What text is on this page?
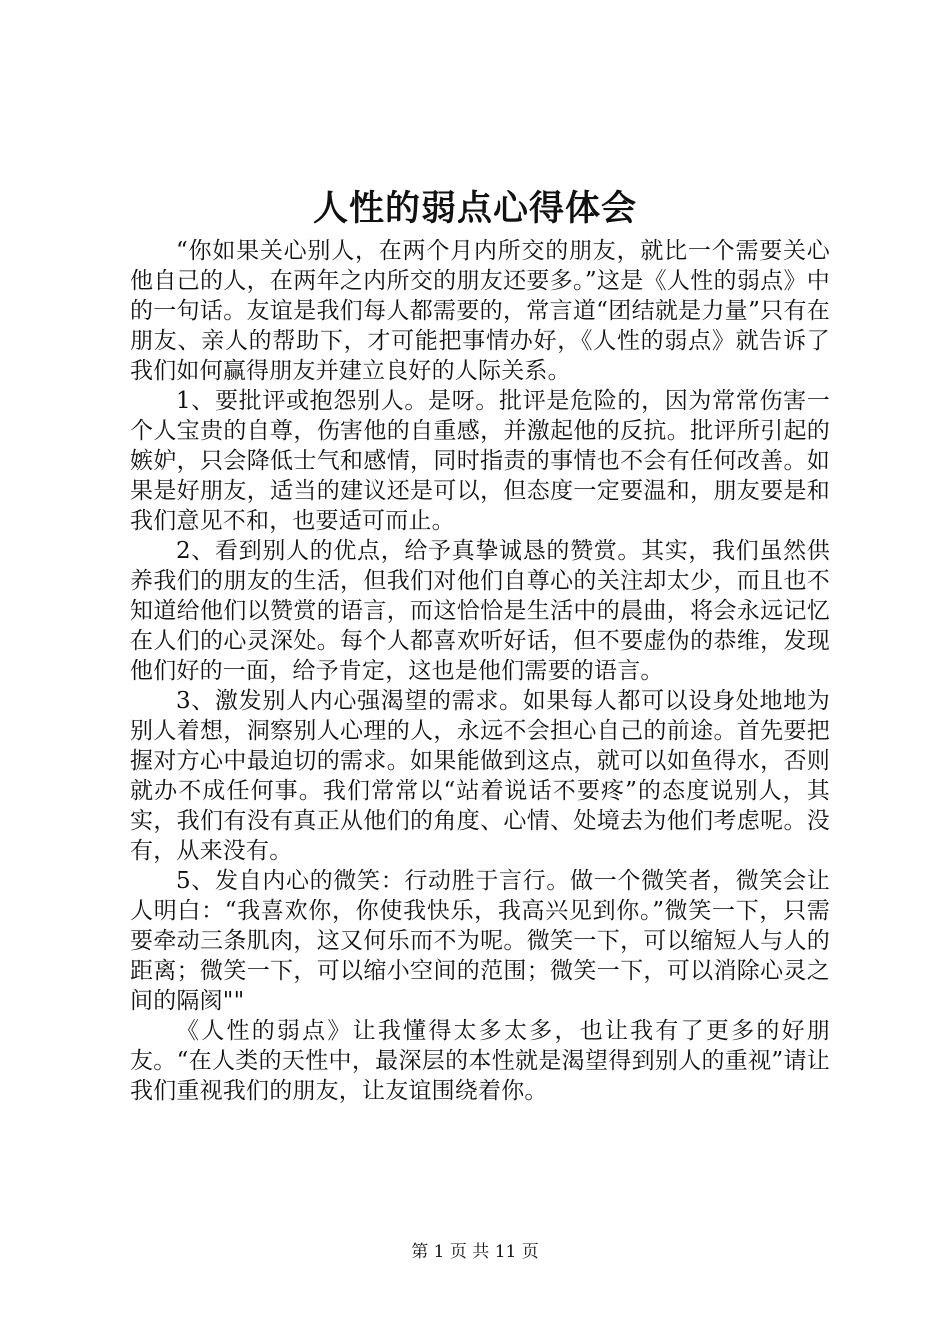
人性的弱点心得体会

“你如果关心别人，在两个月内所交的朋友，就比一个需要关心他自己的人，在两年之内所交的朋友还要多。”这是《人性的弱点》中的一句话。友谊是我们每人都需要的，常言道“团结就是力量”只有在朋友、亲人的帮助下，才可能把事情办好，《人性的弱点》就告诉了我们如何赢得朋友并建立良好的人际关系。

1、要批评或抱怨别人。是呀。批评是危险的，因为常常伤害一个人宝贵的自尊，伤害他的自重感，并激起他的反抗。批评所引起的嫉妒，只会降低士气和感情，同时指责的事情也不会有任何改善。如果是好朋友，适当的建议还是可以，但态度一定要温和，朋友要是和我们意见不和，也要适可而止。

2、看到别人的优点，给予真挚诚恳的赞赏。其实，我们虽然供养我们的朋友的生活，但我们对他们自尊心的关注却太少，而且也不知道给他们以赞赏的语言，而这恰恰是生活中的晨曲，将会永远记忆在人们的心灵深处。每个人都喜欢听好话，但不要虚伪的恭维，发现他们好的一面，给予肯定，这也是他们需要的语言。

3、激发别人内心强渴望的需求。如果每人都可以设身处地地为别人着想，洞察别人心理的人，永远不会担心自己的前途。首先要把握对方心中最迫切的需求。如果能做到这点，就可以如鱼得水，否则就办不成任何事。我们常常以“站着说话不要疼”的态度说别人，其实，我们有没有真正从他们的角度、心情、处境去为他们考虑呢。没有，从来没有。

5、发自内心的微笑：行动胜于言行。做一个微笑者，微笑会让人明白：“我喜欢你，你使我快乐，我高兴见到你。”微笑一下，只需要牵动三条肌肉，这又何乐而不为呢。微笑一下，可以缩短人与人的距离；微笑一下，可以缩小空间的范围；微笑一下，可以消除心灵之间的隔阂""

《人性的弱点》让我懂得太多太多，也让我有了更多的好朋友。“在人类的天性中，最深层的本性就是渴望得到别人的重视”请让我们重视我们的朋友，让友谊围绕着你。

第 1 页 共 11 页
